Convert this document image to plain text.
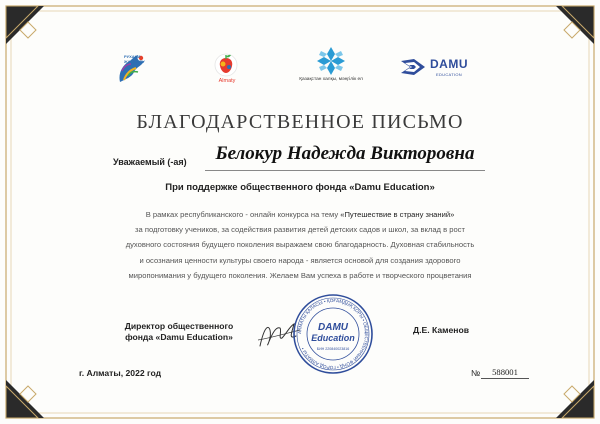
РУХАНИ ЖАҢҒЫРУ
Almaty	Қазақстан халқы, мәңгілік ел
DAMU
EDUCATION
БЛАГОДАРСТВЕННОЕ ПИСЬМО
Уважаемый (-ая)	Белокур Надежда Викторовна
При поддержке общественного фонда «Damu Education»
В рамках республиканского - онлайн конкурса на тему «Путешествие в страну знаний»
за подготовку учеников, за содействия развития детей детских садов и школ, за вклад в рост
духовного состояния будущего поколения выражаем свою благодарность. Духовная стабильность
и осознания ценности культуры своего народа - является основой для создания здорового
миропонимания у будущего поколения. Желаем Вам успеха в работе и творческого процветания
Директор общественного
фонда «Damu Education»	АЛМАТЫ ҚАЛАСЫ • ҚОҒАМДЫҚ ҚОРЫ • ОБЩЕСТВЕННЫЙ ФОНД • ГОРОД АЛМАТЫ •
DAMU
Education
БИН 220840023816
Д.Е. Каменов
г. Алматы, 2022 год	№	588001
